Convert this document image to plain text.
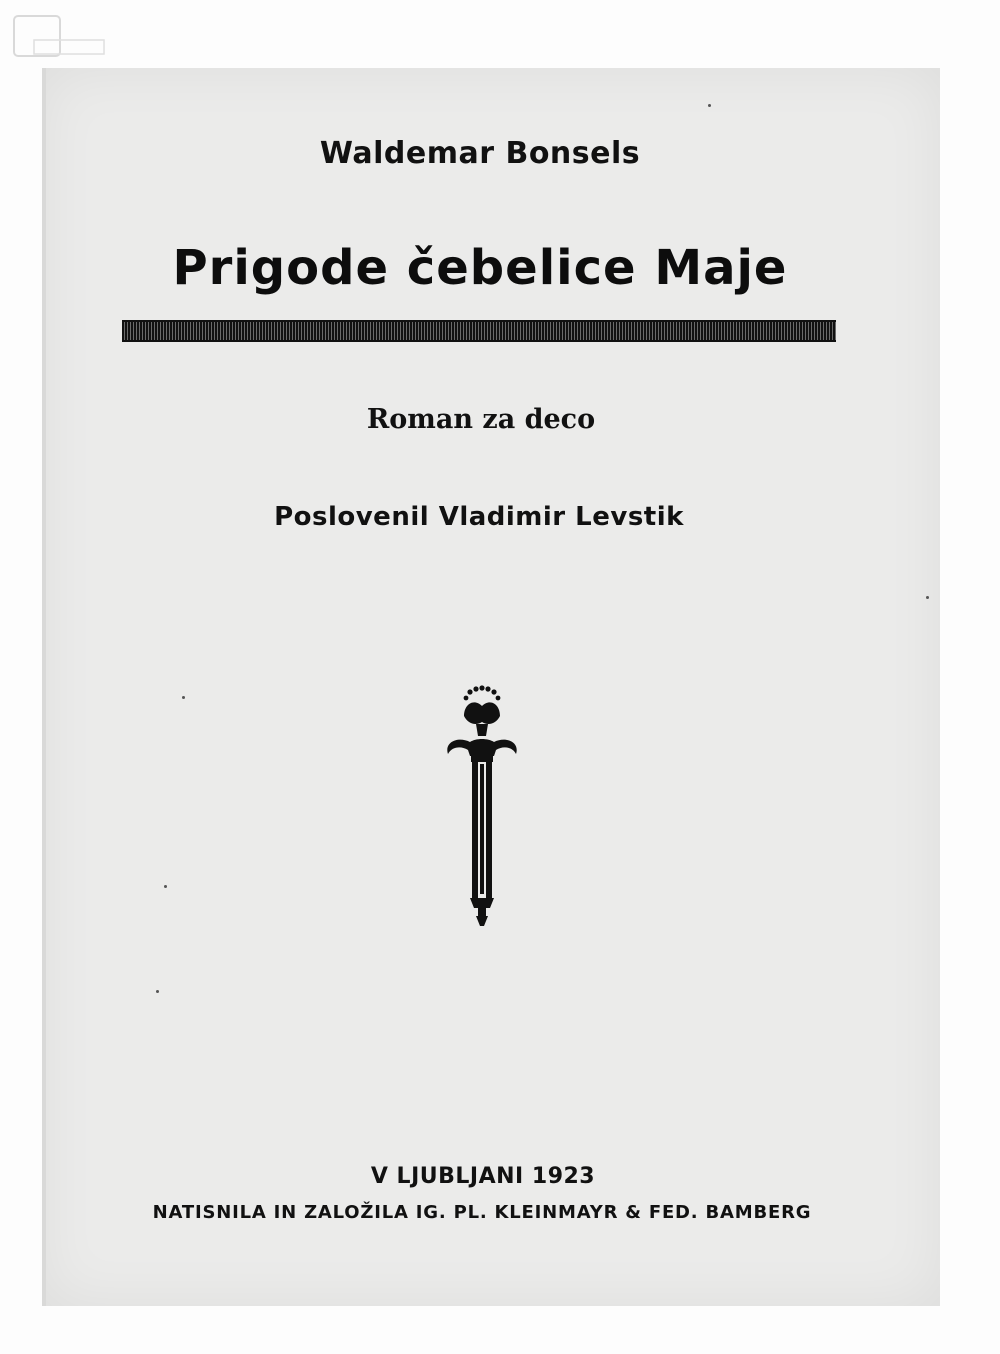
Waldemar Bonsels
Prigode čebelice Maje
Roman za deco
Poslovenil Vladimir Levstik
V LJUBLJANI 1923
NATISNILA IN ZALOŽILA IG. PL. KLEINMAYR & FED. BAMBERG
